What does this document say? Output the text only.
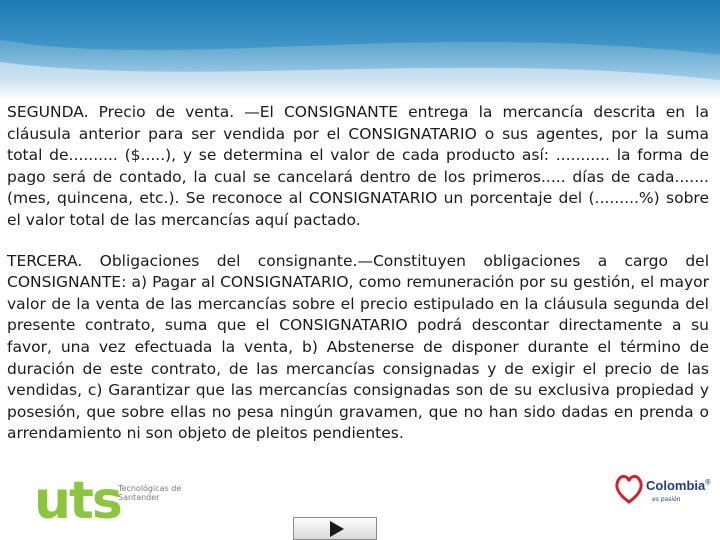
SEGUNDA. Precio de venta. —El CONSIGNANTE entrega la mercancía descrita en la cláusula anterior para ser vendida por el CONSIGNATARIO o sus agentes, por la suma total de.......... ($.....), y se determina el valor de cada producto así: ........... la forma de pago será de contado, la cual se cancelará dentro de los primeros..... días de cada....... (mes, quincena, etc.). Se reconoce al CONSIGNATARIO un porcentaje del (.........%) sobre el valor total de las mercancías aquí pactado.

TERCERA. Obligaciones del consignante.—Constituyen obligaciones a cargo del CONSIGNANTE: a) Pagar al CONSIGNATARIO, como remuneración por su gestión, el mayor valor de la venta de las mercancías sobre el precio estipulado en la cláusula segunda del presente contrato, suma que el CONSIGNATARIO podrá descontar directamente a su favor, una vez efectuada la venta, b) Abstenerse de disponer durante el término de duración de este contrato, de las mercancías consignadas y de exigir el precio de las vendidas, c) Garantizar que las mercancías consignadas son de su exclusiva propiedad y posesión, que sobre ellas no pesa ningún gravamen, que no han sido dadas en prenda o arrendamiento ni son objeto de pleitos pendientes.

uts
Tecnológicas de Santander
Colombia®
es pasión
